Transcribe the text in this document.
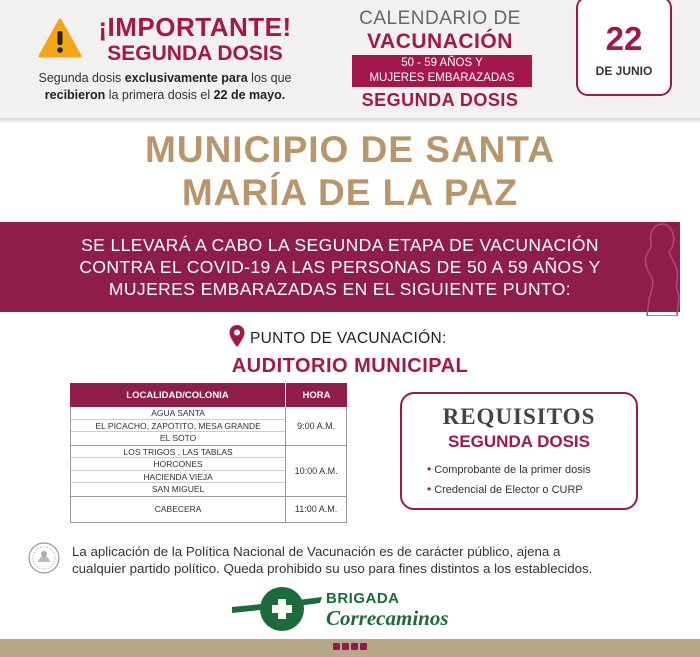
¡IMPORTANTE!
SEGUNDA DOSIS
Segunda dosis exclusivamente para los que
recibieron la primera dosis el 22 de mayo.
CALENDARIO DE
VACUNACIÓN
50 - 59 AÑOS Y
MUJERES EMBARAZADAS
SEGUNDA DOSIS
22
DE JUNIO
MUNICIPIO DE SANTA
MARÍA DE LA PAZ
SE LLEVARÁ A CABO LA SEGUNDA ETAPA DE VACUNACIÓN
CONTRA EL COVID-19 A LAS PERSONAS DE 50 A 59 AÑOS Y
MUJERES EMBARAZADAS EN EL SIGUIENTE PUNTO:
PUNTO DE VACUNACIÓN:
AUDITORIO MUNICIPAL
LOCALIDAD/COLONIA	HORA
AGUA SANTA
EL PICACHO, ZAPOTITO, MESA GRANDE
EL SOTO
9:00 A.M.
LOS TRIGOS , LAS TABLAS
HORCONES
HACIENDA VIEJA
SAN MIGUEL
10:00 A.M.
CABECERA	11:00 A.M.
REQUISITOS
SEGUNDA DOSIS
• Comprobante de la primer dosis
• Credencial de Elector o CURP
La aplicación de la Política Nacional de Vacunación es de carácter público, ajena a
cualquier partido político. Queda prohibido su uso para fines distintos a los establecidos.
BRIGADA
Correcaminos
